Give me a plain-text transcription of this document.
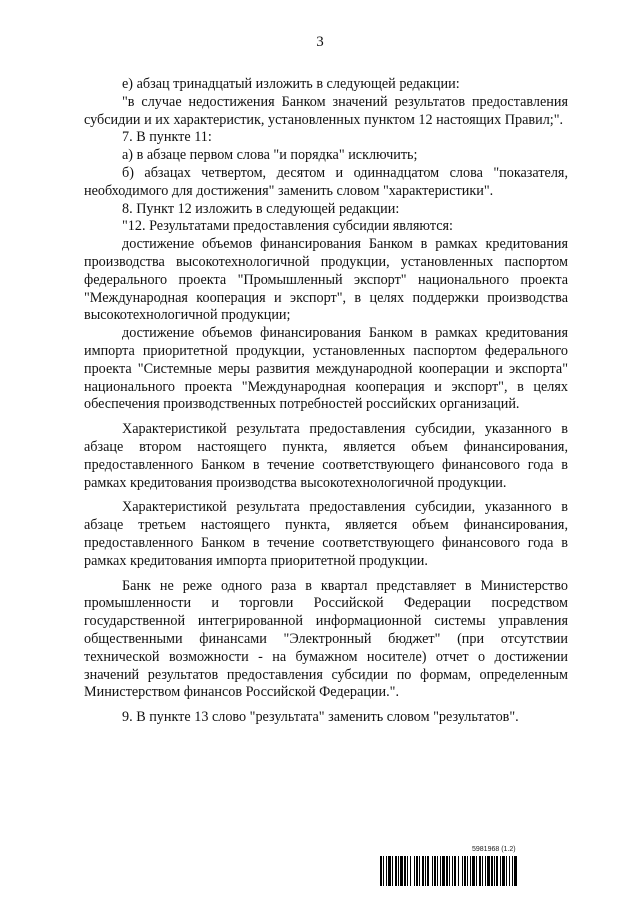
3

е) абзац тринадцатый изложить в следующей редакции:

"в случае недостижения Банком значений результатов предоставления субсидии и их характеристик, установленных пунктом 12 настоящих Правил;".

7. В пункте 11:

а) в абзаце первом слова "и порядка" исключить;

б) абзацах четвертом, десятом и одиннадцатом слова "показателя, необходимого для достижения" заменить словом "характеристики".

8. Пункт 12 изложить в следующей редакции:

"12. Результатами предоставления субсидии являются:

достижение объемов финансирования Банком в рамках кредитования производства высокотехнологичной продукции, установленных паспортом федерального проекта "Промышленный экспорт" национального проекта "Международная кооперация и экспорт", в целях поддержки производства высокотехнологичной продукции;

достижение объемов финансирования Банком в рамках кредитования импорта приоритетной продукции, установленных паспортом федерального проекта "Системные меры развития международной кооперации и экспорта" национального проекта "Международная кооперация и экспорт", в целях обеспечения производственных потребностей российских организаций.

Характеристикой результата предоставления субсидии, указанного в абзаце втором настоящего пункта, является объем финансирования, предоставленного Банком в течение соответствующего финансового года в рамках кредитования производства высокотехнологичной продукции.

Характеристикой результата предоставления субсидии, указанного в абзаце третьем настоящего пункта, является объем финансирования, предоставленного Банком в течение соответствующего финансового года в рамках кредитования импорта приоритетной продукции.

Банк не реже одного раза в квартал представляет в Министерство промышленности и торговли Российской Федерации посредством государственной интегрированной информационной системы управления общественными финансами "Электронный бюджет" (при отсутствии технической возможности - на бумажном носителе) отчет о достижении значений результатов предоставления субсидии по формам, определенным Министерством финансов Российской Федерации.".

9. В пункте 13 слово "результата" заменить словом "результатов".

5981968 (1.2)
